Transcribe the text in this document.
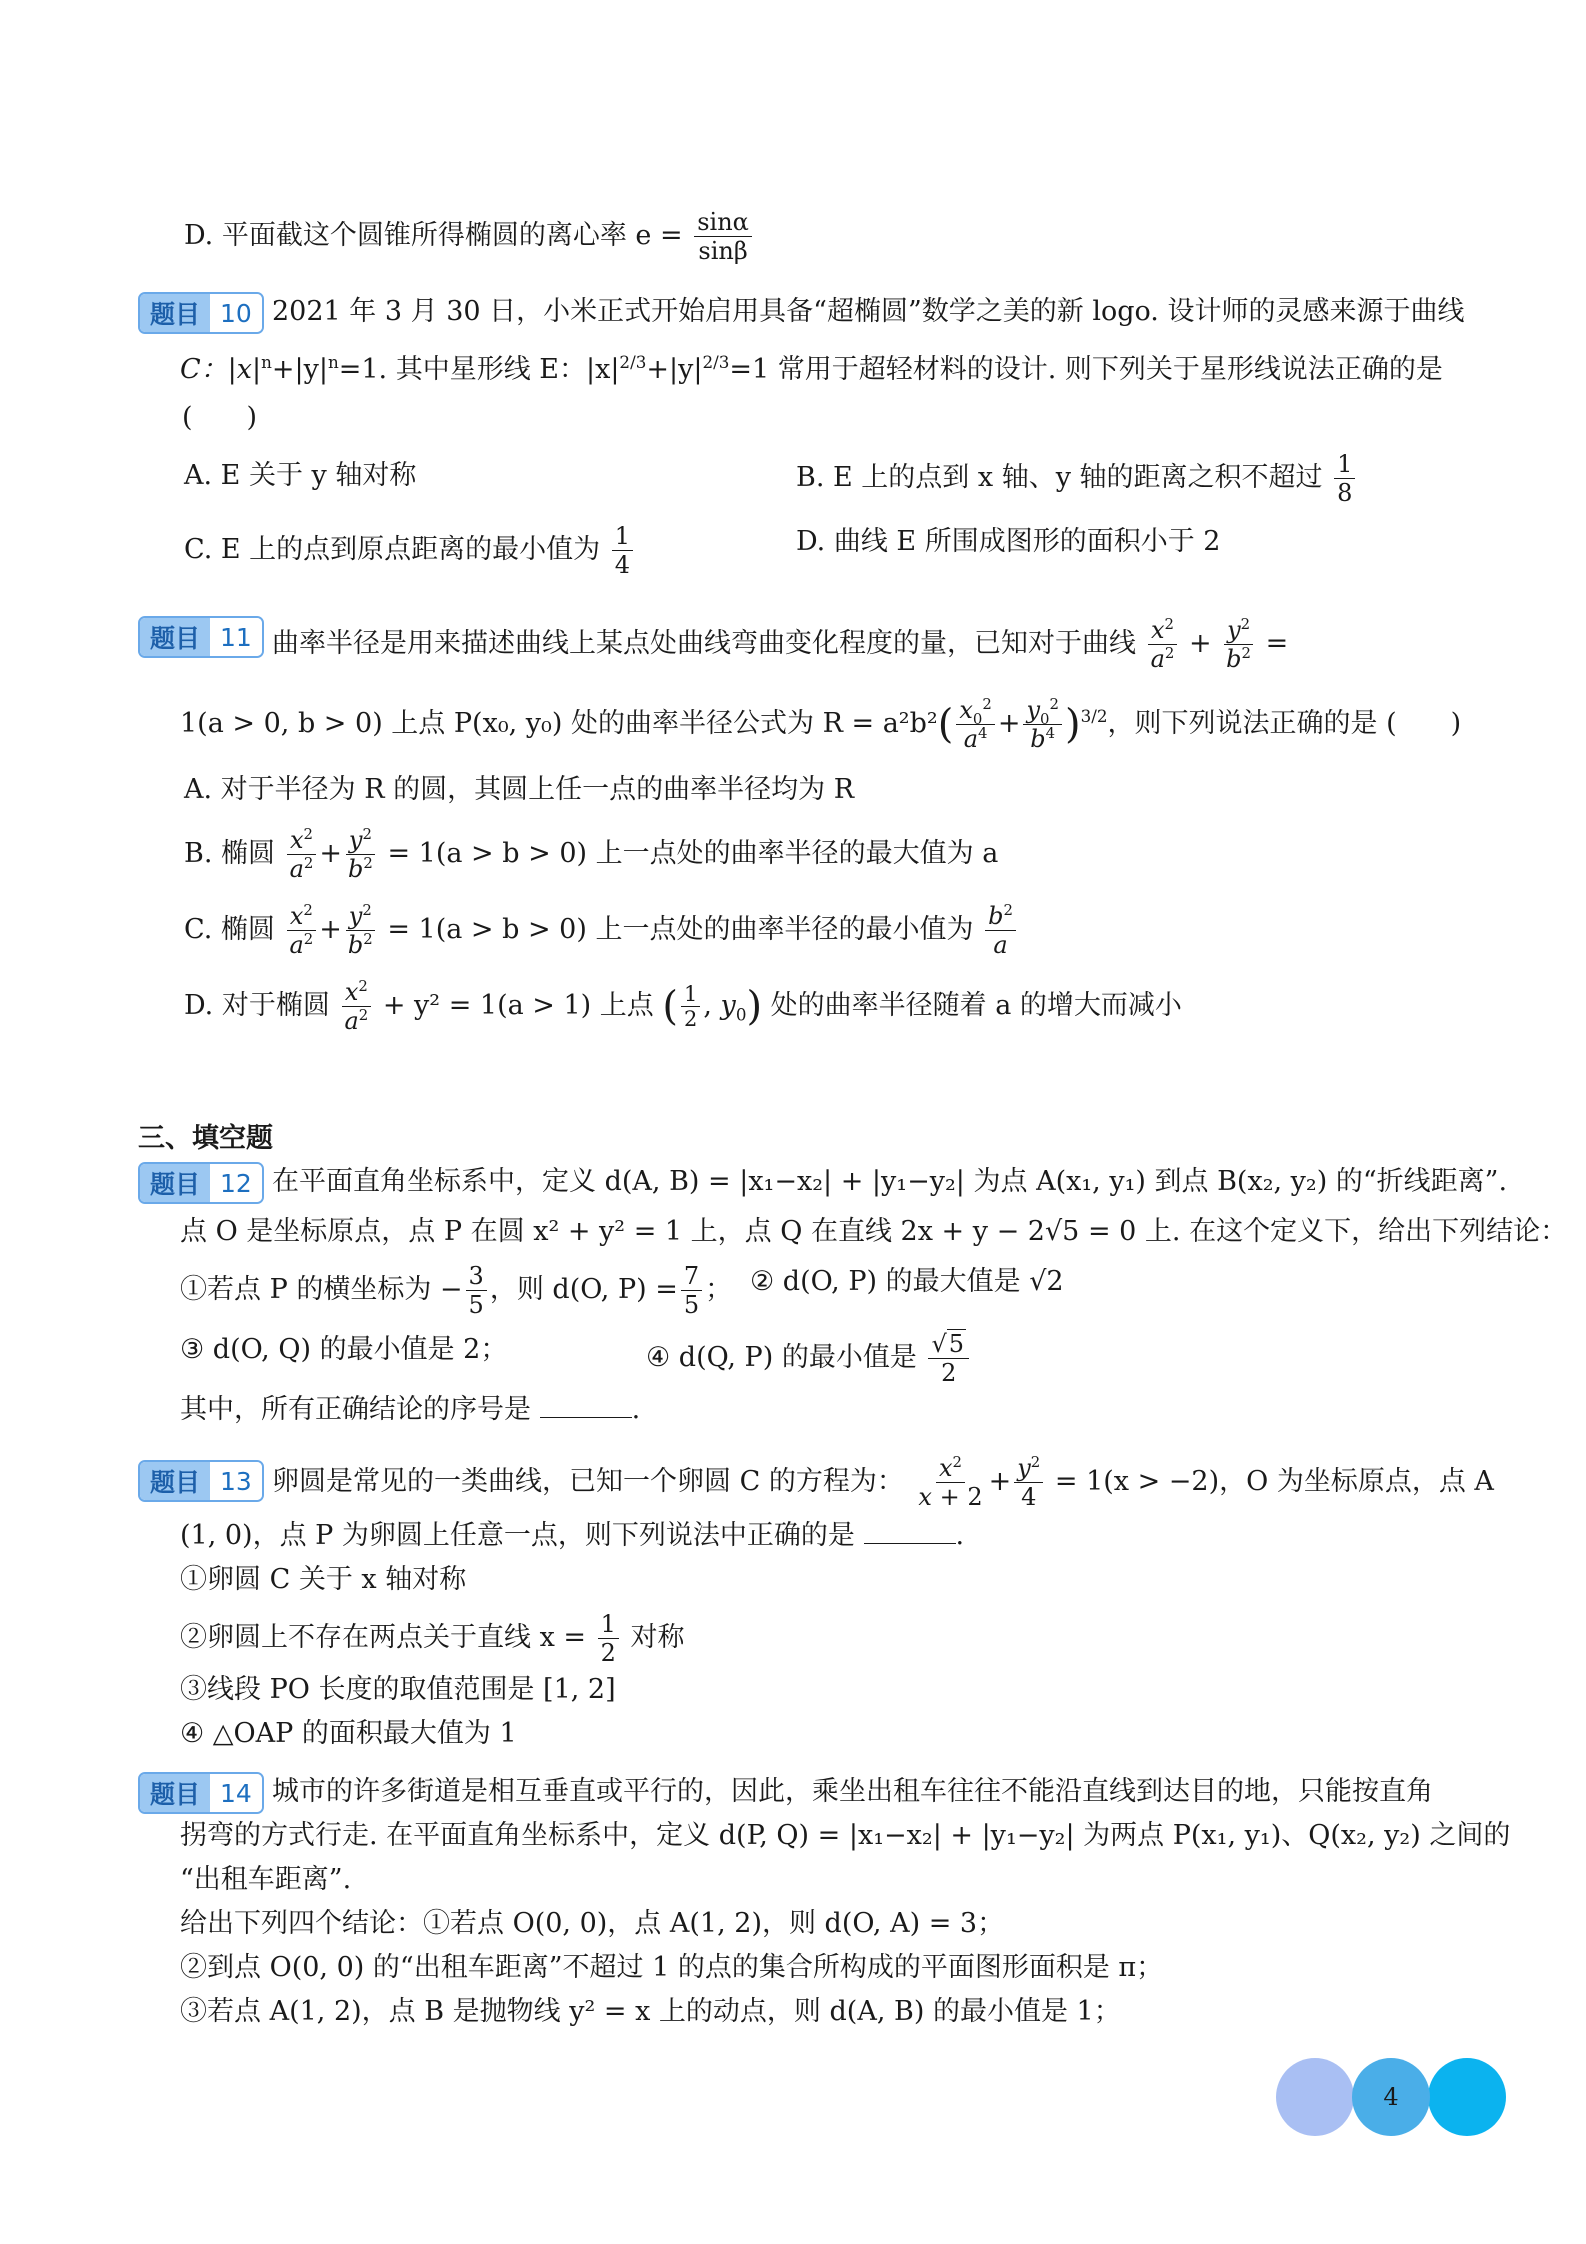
D. 平面截这个圆锥所得椭圆的离心率 $e = \frac{\sin\alpha}{\sin\beta}$
题目 10 2021 年 3 月 30 日，小米正式开始启用具备“超椭圆”数学之美的新 logo. 设计师的灵感来源于曲线
C：$|x|^n+|y|^n=1$. 其中星形线 E：$|x|^{2/3}+|y|^{2/3}=1$ 常用于超轻材料的设计. 则下列关于星形线说法正确的是
(　　)
A. E 关于 y 轴对称	B. E 上的点到 x 轴、y 轴的距离之积不超过 $\frac{1}{8}$
C. E 上的点到原点距离的最小值为 $\frac{1}{4}$	D. 曲线 E 所围成图形的面积小于 2
题目 11 曲率半径是用来描述曲线上某点处曲线弯曲变化程度的量，已知对于曲线 $\frac{x^2}{a^2} + \frac{y^2}{b^2}$ =
1(a > 0, b > 0) 上点 P(x₀, y₀) 处的曲率半径公式为 $R = a^2b^2( \frac{x_0^2}{a^4} + \frac{y_0^2}{b^4} )^{3/2}$，则下列说法正确的是 (　　)
A. 对于半径为 R 的圆，其圆上任一点的曲率半径均为 R
B. 椭圆 $\frac{x^2}{a^2} + \frac{y^2}{b^2} = 1(a > b > 0)$ 上一点处的曲率半径的最大值为 a
C. 椭圆 $\frac{x^2}{a^2} + \frac{y^2}{b^2} = 1(a > b > 0)$ 上一点处的曲率半径的最小值为 $\frac{b^2}{a}$
D. 对于椭圆 $\frac{x^2}{a^2} + y^2 = 1(a > 1)$ 上点 ( $\frac{1}{2}$ , $y_0$) 处的曲率半径随着 a 的增大而减小
三、填空题
题目 12 在平面直角坐标系中，定义 d(A, B) = |x₁−x₂| + |y₁−y₂| 为点 A(x₁, y₁) 到点 B(x₂, y₂) 的“折线距离”.
点 O 是坐标原点，点 P 在圆 x² + y² = 1 上，点 Q 在直线 2x + y − 2√5 = 0 上. 在这个定义下，给出下列结论：
①若点 P 的横坐标为 − $\frac{3}{5}$ ，则 d(O, $P) = \frac{7}{5}$ ； ② d(O, P) 的最大值是 √2
③ d(O, Q) 的最小值是 2；	④ d(Q, P) 的最小值是 $\frac{√5}{2}$
其中，所有正确结论的序号是	.
题目 13 卵圆是常见的一类曲线，已知一个卵圆 C 的方程为： $\frac{x^2}{x + 2} + \frac{y^2}{4} = 1(x > -2)$，O 为坐标原点，点 A
(1, 0)，点 P 为卵圆上任意一点，则下列说法中正确的是	.
①卵圆 C 关于 x 轴对称
②卵圆上不存在两点关于直线 $x = \frac{1}{2}$ 对称
③线段 PO 长度的取值范围是 [1, 2]
④ △OAP 的面积最大值为 1
题目 14 城市的许多街道是相互垂直或平行的，因此，乘坐出租车往往不能沿直线到达目的地，只能按直角
拐弯的方式行走. 在平面直角坐标系中，定义 d(P, Q) = |x₁−x₂| + |y₁−y₂| 为两点 P(x₁, y₁)、Q(x₂, y₂) 之间的
“出租车距离”.
给出下列四个结论：①若点 O(0, 0)，点 A(1, 2)，则 d(O, A) = 3；
②到点 O(0, 0) 的“出租车距离”不超过 1 的点的集合所构成的平面图形面积是 π；
③若点 A(1, 2)，点 B 是抛物线 y² = x 上的动点，则 d(A, B) 的最小值是 1；
4
